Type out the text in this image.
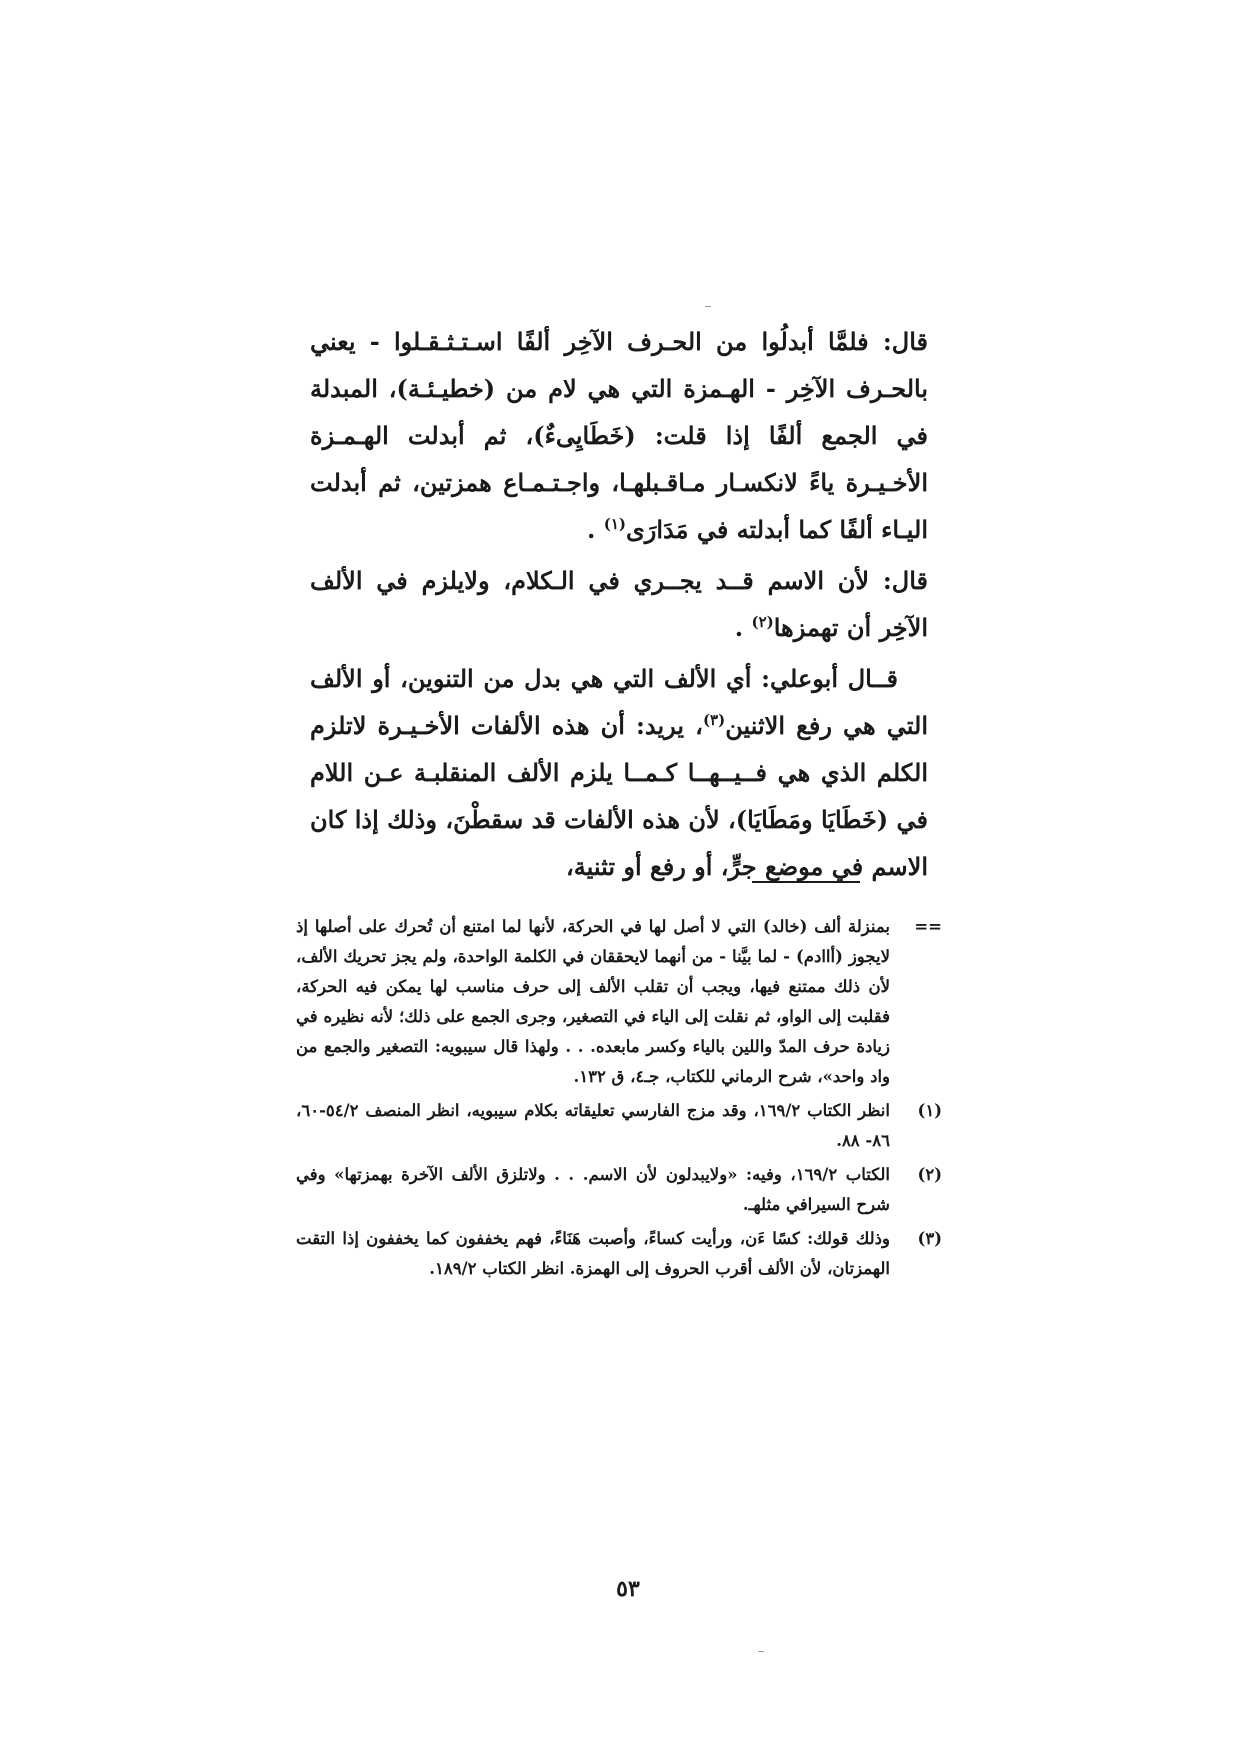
قال: فلمَّا أبدلُوا من الحـرف الآخِر ألفًا اسـتـثـقـلوا - يعني بالحـرف الآخِر - الهـمزة التي هي لام من (خطيـئـة)، المبدلة في الجمع ألفًا إذا قلت: (خَطَايِىءٌ)، ثم أبدلت الهـمـزة الأخـيـرة ياءً لانكسـار مـاقـبلهـا، واجـتـمـاع همزتين، ثم أبدلت اليـاء ألفًا كما أبدلته في مَدَارَى$^{(١)}$ .

قال: لأن الاسم قــد يجــري في الـكلام، ولايلزم في الألف الآخِر أن تهمزها$^{(٢)}$ .

قــال أبوعلي: أي الألف التي هي بدل من التنوين، أو الألف التي هي رفع الاثنين$^{(٣)}$، يريد: أن هذه الألفات الأخـيـرة لاتلزم الكلم الذي هي فــيــهــا كـمــا يلزم الألف المنقلبـة عـن اللام في (خَطَايَا ومَطَايَا)، لأن هذه الألفات قد سقطْنَ، وذلك إذا كان الاسم في موضع جرٍّ، أو رفع أو تثنية،

==
بمنزلة ألف (خالد) التي لا أصل لها في الحركة، لأنها لما امتنع أن تُحرك على أصلها إذ لايجوز (أاادم) - لما بيَّنا - من أنهما لايحققان في الكلمة الواحدة، ولم يجز تحريك الألف، لأن ذلك ممتنع فيها، ويجب أن تقلب الألف إلى حرف مناسب لها يمكن فيه الحركة، فقلبت إلى الواو، ثم نقلت إلى الياء في التصغير، وجرى الجمع على ذلك؛ لأنه نظيره في زيادة حرف المدّ واللين بالياء وكسر مابعده. . . ولهذا قال سيبويه: التصغير والجمع من واد واحد»، شرح الرماني للكتاب، جـ٤، ق ١٣٢.
(١)
انظر الكتاب ١٦٩/٢، وقد مزج الفارسي تعليقاته بكلام سيبويه، انظر المنصف ٥٤/٢-٦٠، ٨٦- ٨٨.
(٢)
الكتاب ١٦٩/٢، وفيه: «ولايبدلون لأن الاسم. . . ولاتلزق الألف الآخرة بهمزتها» وفي شرح السيرافي مثلهـ.
(٣)
وذلك قولك: كسًا ءَن، ورأيت كساءً، وأصبت هَنَاءً، فهم يخففون كما يخففون إذا التقت الهمزتان، لأن الألف أقرب الحروف إلى الهمزة. انظر الكتاب ١٨٩/٢.
٥٣
